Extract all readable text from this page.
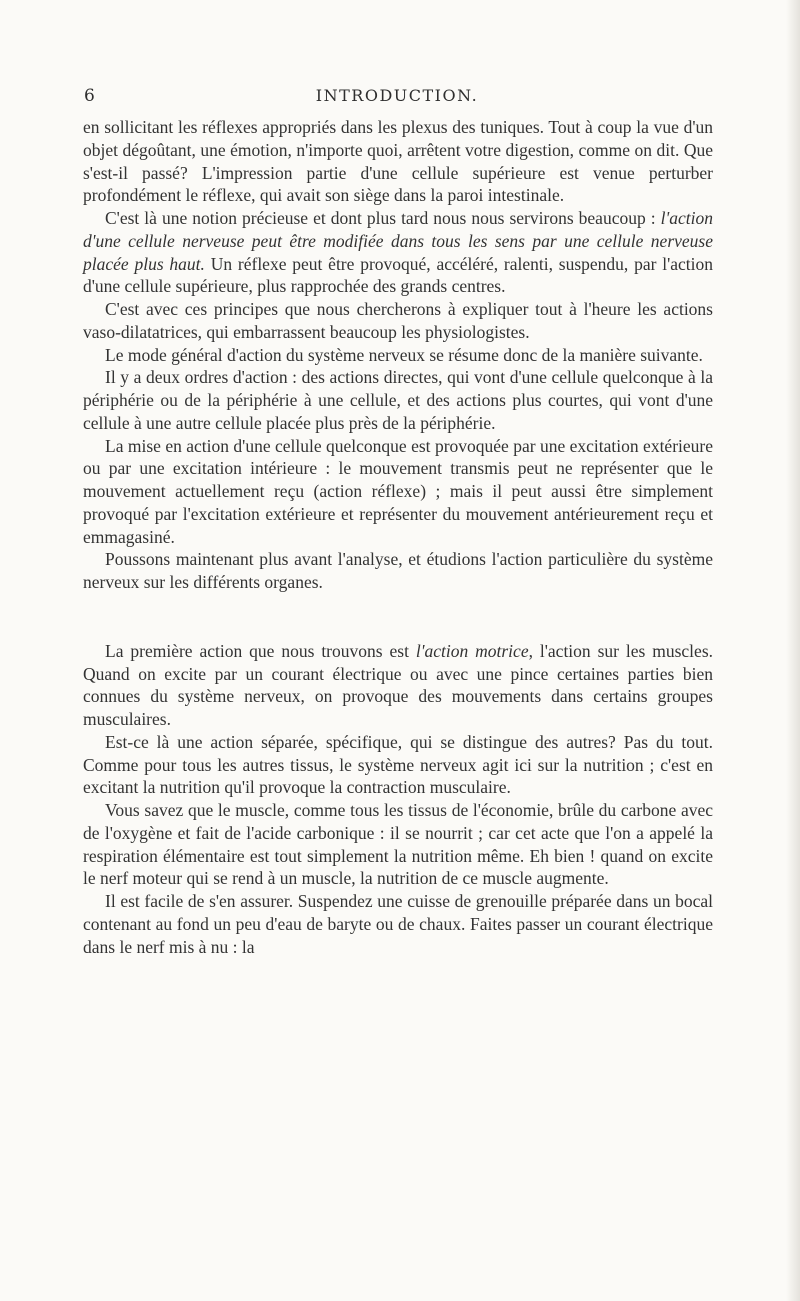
6	INTRODUCTION.

en sollicitant les réflexes appropriés dans les plexus des tuniques. Tout à coup la vue d'un objet dégoûtant, une émotion, n'importe quoi, arrêtent votre digestion, comme on dit. Que s'est-il passé? L'impression partie d'une cellule supérieure est venue perturber profondément le réflexe, qui avait son siège dans la paroi intestinale.

C'est là une notion précieuse et dont plus tard nous nous servirons beaucoup : l'action d'une cellule nerveuse peut être modifiée dans tous les sens par une cellule nerveuse placée plus haut. Un réflexe peut être provoqué, accéléré, ralenti, suspendu, par l'action d'une cellule supérieure, plus rapprochée des grands centres.

C'est avec ces principes que nous chercherons à expliquer tout à l'heure les actions vaso-dilatatrices, qui embarrassent beaucoup les physiologistes.

Le mode général d'action du système nerveux se résume donc de la manière suivante.

Il y a deux ordres d'action : des actions directes, qui vont d'une cellule quelconque à la périphérie ou de la périphérie à une cellule, et des actions plus courtes, qui vont d'une cellule à une autre cellule placée plus près de la périphérie.

La mise en action d'une cellule quelconque est provoquée par une excitation extérieure ou par une excitation intérieure : le mouvement transmis peut ne représenter que le mouvement actuellement reçu (action réflexe) ; mais il peut aussi être simplement provoqué par l'excitation extérieure et représenter du mouvement antérieurement reçu et emmagasiné.

Poussons maintenant plus avant l'analyse, et étudions l'action particulière du système nerveux sur les différents organes.

La première action que nous trouvons est l'action motrice, l'action sur les muscles. Quand on excite par un courant électrique ou avec une pince certaines parties bien connues du système nerveux, on provoque des mouvements dans certains groupes musculaires.

Est-ce là une action séparée, spécifique, qui se distingue des autres? Pas du tout. Comme pour tous les autres tissus, le système nerveux agit ici sur la nutrition ; c'est en excitant la nutrition qu'il provoque la contraction musculaire.

Vous savez que le muscle, comme tous les tissus de l'économie, brûle du carbone avec de l'oxygène et fait de l'acide carbonique : il se nourrit ; car cet acte que l'on a appelé la respiration élémentaire est tout simplement la nutrition même. Eh bien ! quand on excite le nerf moteur qui se rend à un muscle, la nutrition de ce muscle augmente.

Il est facile de s'en assurer. Suspendez une cuisse de grenouille préparée dans un bocal contenant au fond un peu d'eau de baryte ou de chaux. Faites passer un courant électrique dans le nerf mis à nu : la
